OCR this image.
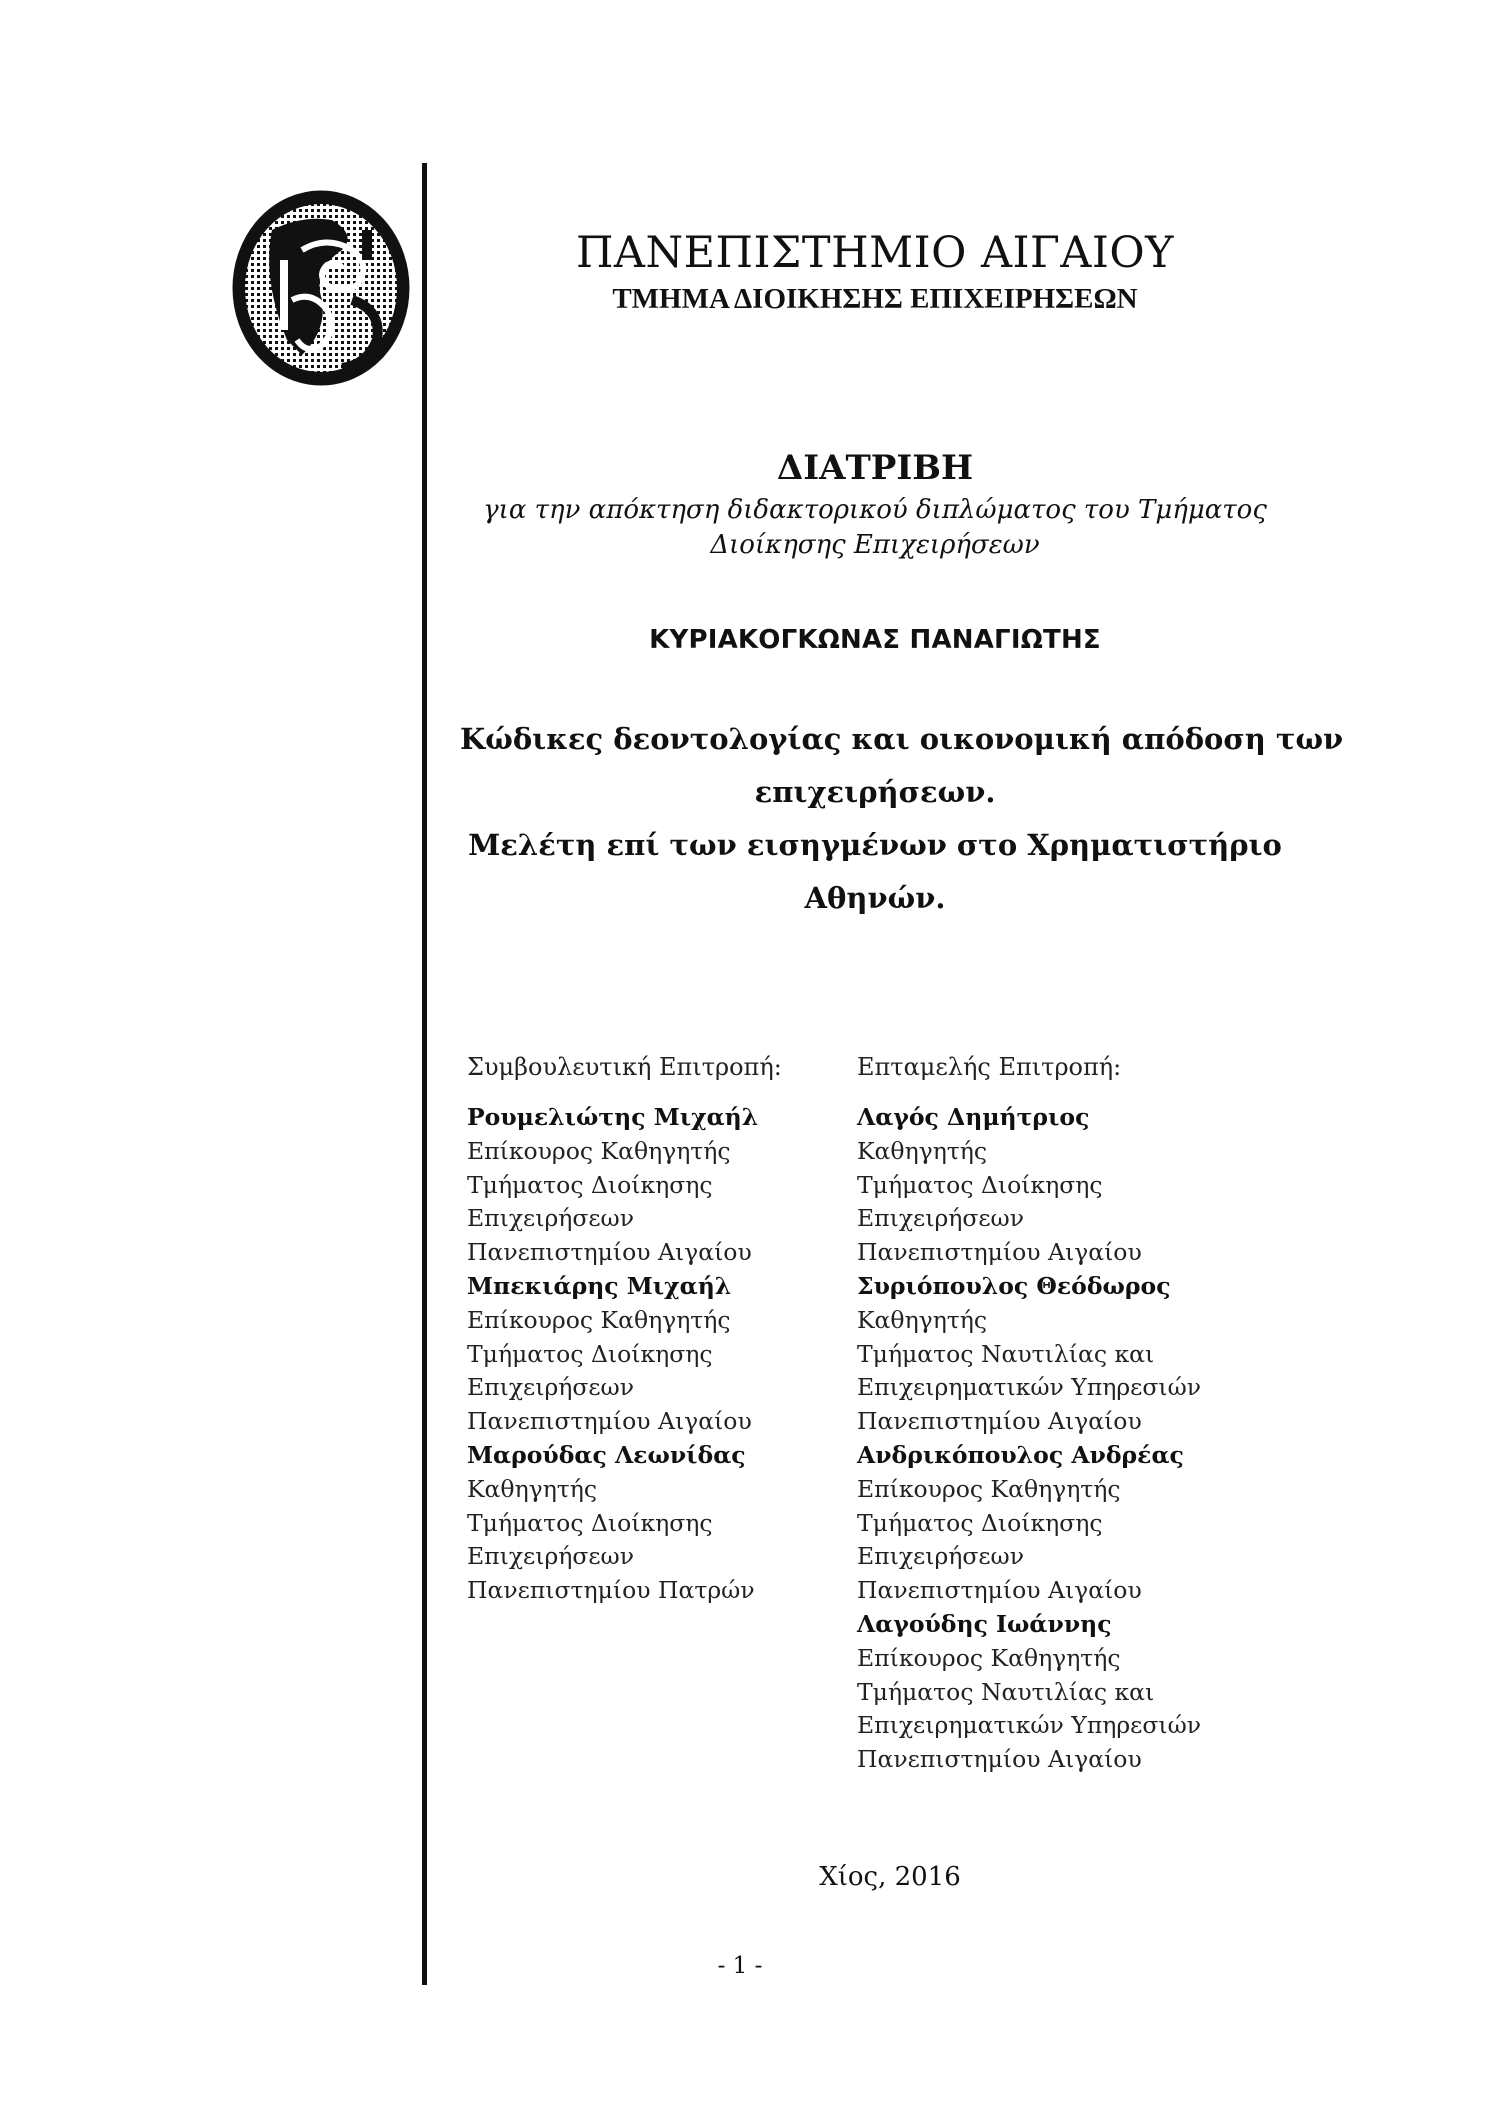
ΠΑΝΕΠΙΣΤΗΜΙΟ ΑΙΓΑΙΟΥ
ΤΜΗΜΑ ΔΙΟΙΚΗΣΗΣ ΕΠΙΧΕΙΡΗΣΕΩΝ
ΔΙΑΤΡΙΒΗ
για την απόκτηση διδακτορικού διπλώματος του Τμήματος
Διοίκησης Επιχειρήσεων
ΚΥΡΙΑΚΟΓΚΩΝΑΣ ΠΑΝΑΓΙΩΤΗΣ
Κώδικες δεοντολογίας και οικονομική απόδοση των
επιχειρήσεων.
Μελέτη επί των εισηγμένων στο Χρηματιστήριο
Αθηνών.
Συμβουλευτική Επιτροπή:
Ρουμελιώτης Μιχαήλ
Επίκουρος Καθηγητής
Τμήματος Διοίκησης
Επιχειρήσεων
Πανεπιστημίου Αιγαίου
Μπεκιάρης Μιχαήλ
Επίκουρος Καθηγητής
Τμήματος Διοίκησης
Επιχειρήσεων
Πανεπιστημίου Αιγαίου
Μαρούδας Λεωνίδας
Καθηγητής
Τμήματος Διοίκησης
Επιχειρήσεων
Πανεπιστημίου Πατρών
Επταμελής Επιτροπή:
Λαγός Δημήτριος
Καθηγητής
Τμήματος Διοίκησης
Επιχειρήσεων
Πανεπιστημίου Αιγαίου
Συριόπουλος Θεόδωρος
Καθηγητής
Τμήματος Ναυτιλίας και
Επιχειρηματικών Υπηρεσιών
Πανεπιστημίου Αιγαίου
Ανδρικόπουλος Ανδρέας
Επίκουρος Καθηγητής
Τμήματος Διοίκησης
Επιχειρήσεων
Πανεπιστημίου Αιγαίου
Λαγούδης Ιωάννης
Επίκουρος Καθηγητής
Τμήματος Ναυτιλίας και
Επιχειρηματικών Υπηρεσιών
Πανεπιστημίου Αιγαίου
Χίος, 2016
- 1 -
